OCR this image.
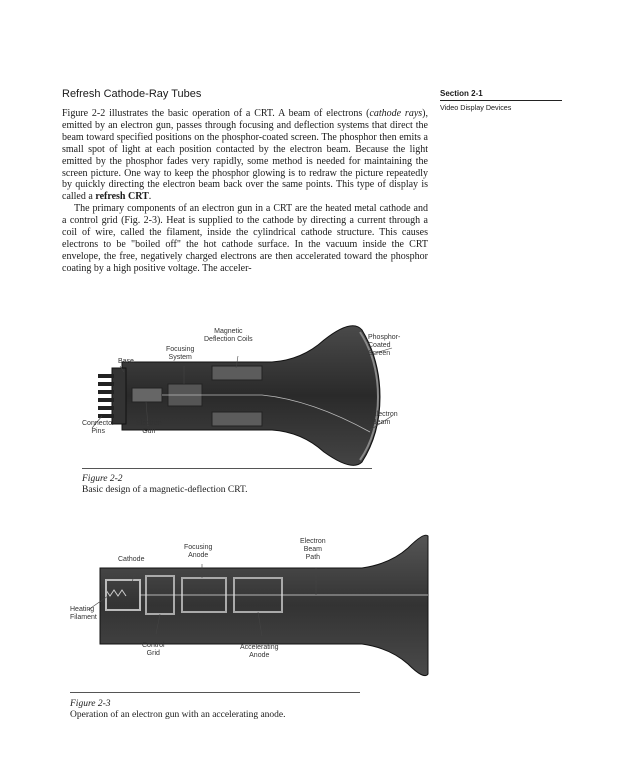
Section 2-1
Video Display Devices
Refresh Cathode-Ray Tubes

Figure 2-2 illustrates the basic operation of a CRT. A beam of electrons (cathode rays), emitted by an electron gun, passes through focusing and deflection systems that direct the beam toward specified positions on the phosphor-coated screen. The phosphor then emits a small spot of light at each position contacted by the electron beam. Because the light emitted by the phosphor fades very rapidly, some method is needed for maintaining the screen picture. One way to keep the phosphor glowing is to redraw the picture repeatedly by quickly directing the electron beam back over the same points. This type of display is called a refresh CRT.

The primary components of an electron gun in a CRT are the heated metal cathode and a control grid (Fig. 2-3). Heat is supplied to the cathode by directing a current through a coil of wire, called the filament, inside the cylindrical cathode structure. This causes electrons to be "boiled off" the hot cathode surface. In the vacuum inside the CRT envelope, the free, negatively charged electrons are then accelerated toward the phosphor coating by a high positive voltage. The acceler-

Magnetic
Deflection Coils
Focusing
System
Base
Phosphor-
Coated
Screen
Electron
Beam
Connector
Pins
Electron
Gun
Figure 2-2
Basic design of a magnetic-deflection CRT.
Cathode
Focusing
Anode
Electron
Beam
Path
Heating
Filament
Control
Grid
Accelerating
Anode
Figure 2-3
Operation of an electron gun with an accelerating anode.
